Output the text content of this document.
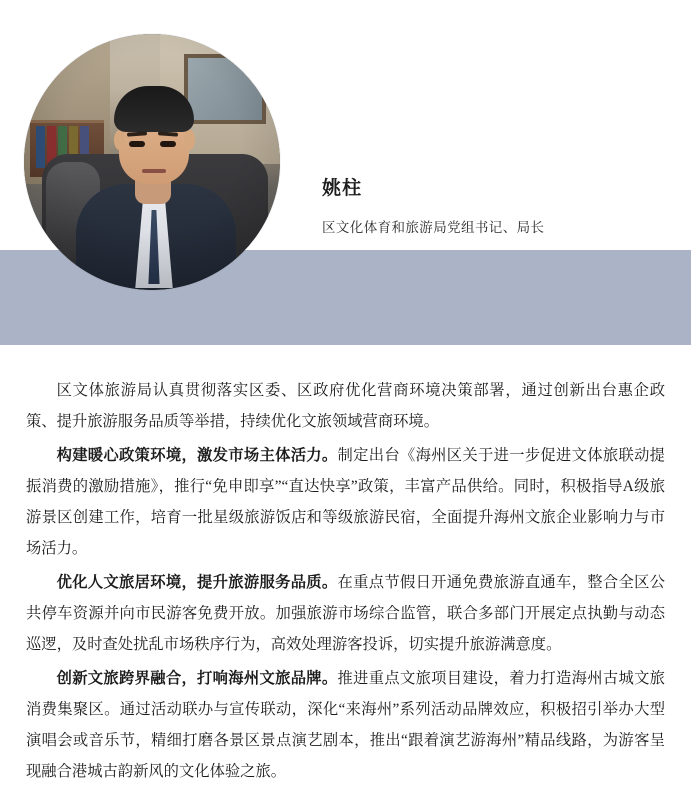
姚柱
区文化体育和旅游局党组书记、局长

区文体旅游局认真贯彻落实区委、区政府优化营商环境决策部署，通过创新出台惠企政策、提升旅游服务品质等举措，持续优化文旅领域营商环境。

构建暖心政策环境，激发市场主体活力。制定出台《海州区关于进一步促进文体旅联动提振消费的激励措施》，推行“免申即享”“直达快享”政策，丰富产品供给。同时，积极指导A级旅游景区创建工作，培育一批星级旅游饭店和等级旅游民宿，全面提升海州文旅企业影响力与市场活力。

优化人文旅居环境，提升旅游服务品质。在重点节假日开通免费旅游直通车，整合全区公共停车资源并向市民游客免费开放。加强旅游市场综合监管，联合多部门开展定点执勤与动态巡逻，及时查处扰乱市场秩序行为，高效处理游客投诉，切实提升旅游满意度。

创新文旅跨界融合，打响海州文旅品牌。推进重点文旅项目建设，着力打造海州古城文旅消费集聚区。通过活动联办与宣传联动，深化“来海州”系列活动品牌效应，积极招引举办大型演唱会或音乐节，精细打磨各景区景点演艺剧本，推出“跟着演艺游海州”精品线路，为游客呈现融合港城古韵新风的文化体验之旅。
